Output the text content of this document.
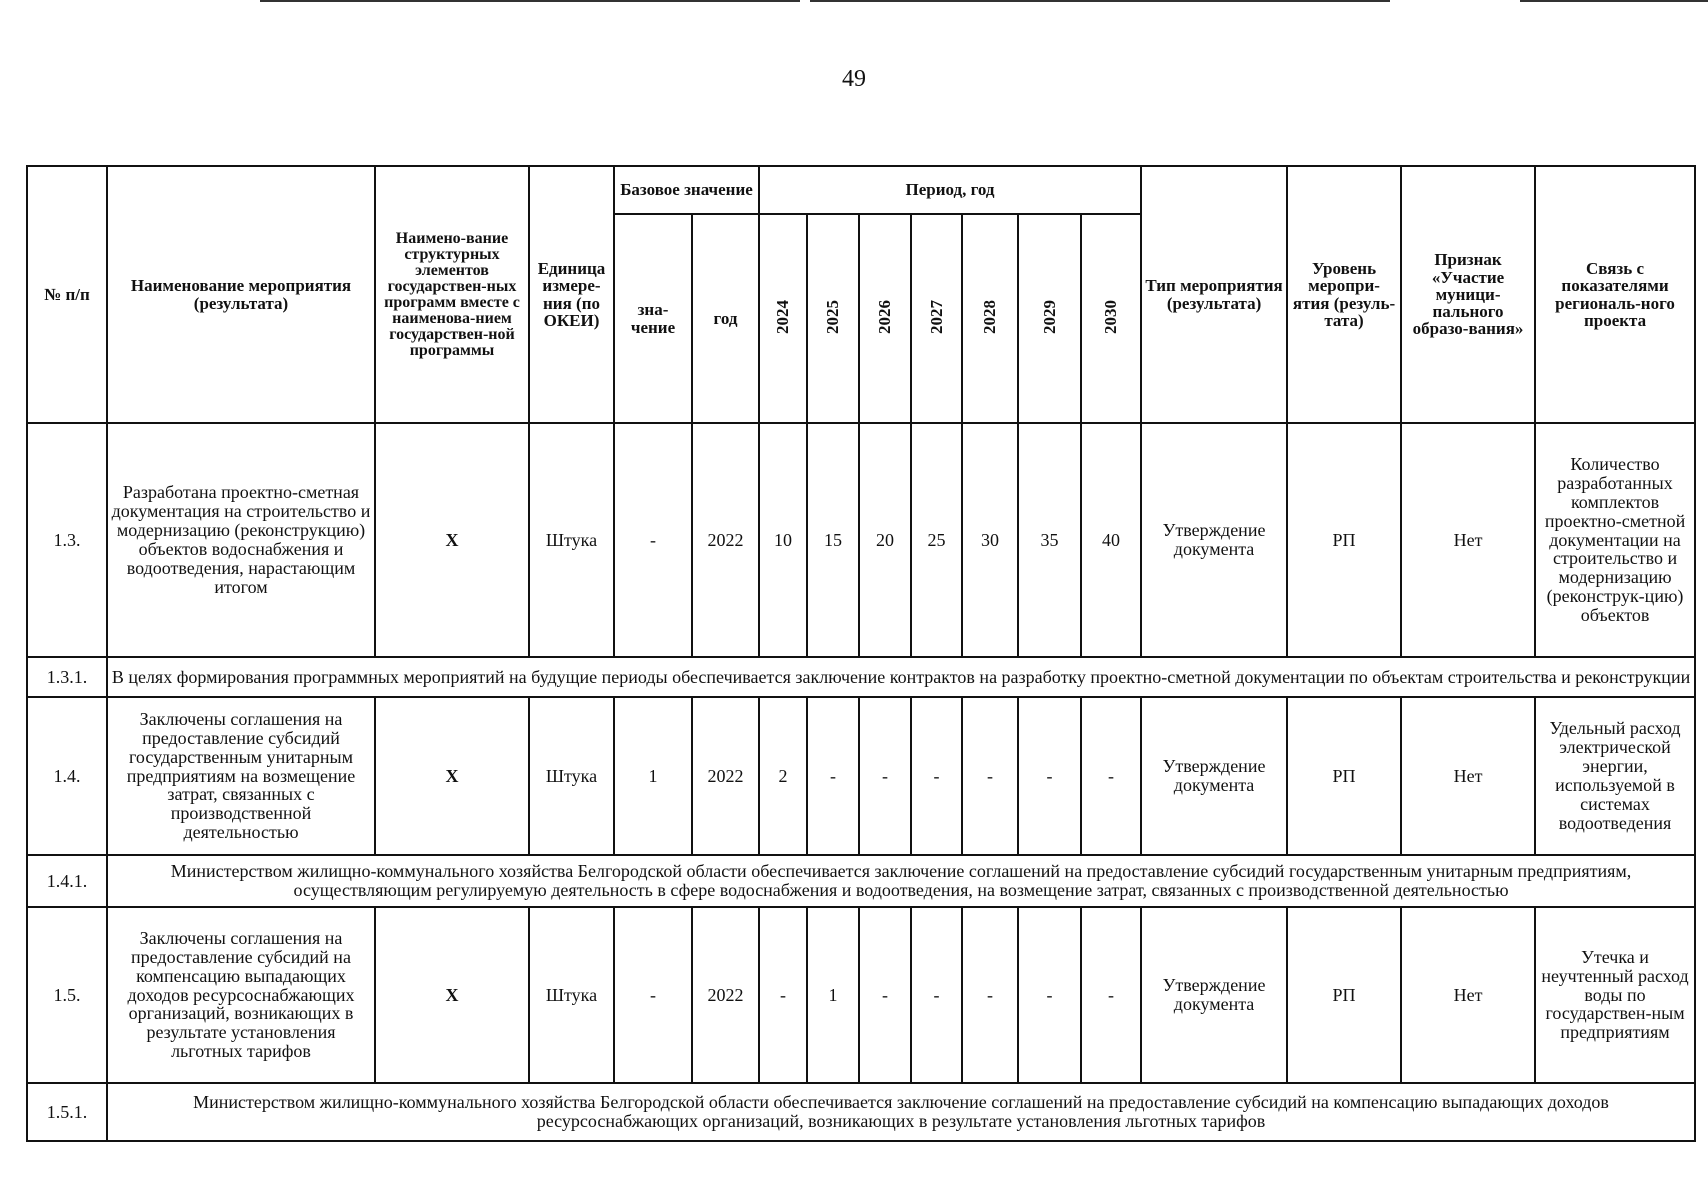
49
№ п/п	Наименование мероприятия (результата)	Наимено-вание структурных элементов государствен-ных программ вместе с наименова-нием государствен-ной программы	Единица измере-ния (по ОКЕИ)	Базовое значение		Период, год							Тип мероприятия (результата)	Уровень меропри-ятия (резуль-тата)	Признак «Участие муници-пального образо-вания»	Связь с показателями региональ-ного проекта
				зна-чение	год	2024	2025	2026	2027	2028	2029	2030				
1.3.	Разработана проектно-сметная документация на строительство и модернизацию (реконструкцию) объектов водоснабжения и водоотведения, нарастающим итогом	Х	Штука	-	2022	10	15	20	25	30	35	40	Утверждение документа	РП	Нет	Количество разработанных комплектов проектно-сметной документации на строительство и модернизацию (реконструк-цию) объектов
1.3.1.	В целях формирования программных мероприятий на будущие периоды обеспечивается заключение контрактов на разработку проектно-сметной документации по объектам строительства и реконструкции															
1.4.	Заключены соглашения на предоставление субсидий государственным унитарным предприятиям на возмещение затрат, связанных с производственной деятельностью	Х	Штука	1	2022	2	-	-	-	-	-	-	Утверждение документа	РП	Нет	Удельный расход электрической энергии, используемой в системах водоотведения
1.4.1.	Министерством жилищно-коммунального хозяйства Белгородской области обеспечивается заключение соглашений на предоставление субсидий государственным унитарным предприятиям, осуществляющим регулируемую деятельность в сфере водоснабжения и водоотведения, на возмещение затрат, связанных с производственной деятельностью															
1.5.	Заключены соглашения на предоставление субсидий на компенсацию выпадающих доходов ресурсоснабжающих организаций, возникающих в результате установления льготных тарифов	Х	Штука	-	2022	-	1	-	-	-	-	-	Утверждение документа	РП	Нет	Утечка и неучтенный расход воды по государствен-ным предприятиям
1.5.1.	Министерством жилищно-коммунального хозяйства Белгородской области обеспечивается заключение соглашений на предоставление субсидий на компенсацию выпадающих доходов ресурсоснабжающих организаций, возникающих в результате установления льготных тарифов															
